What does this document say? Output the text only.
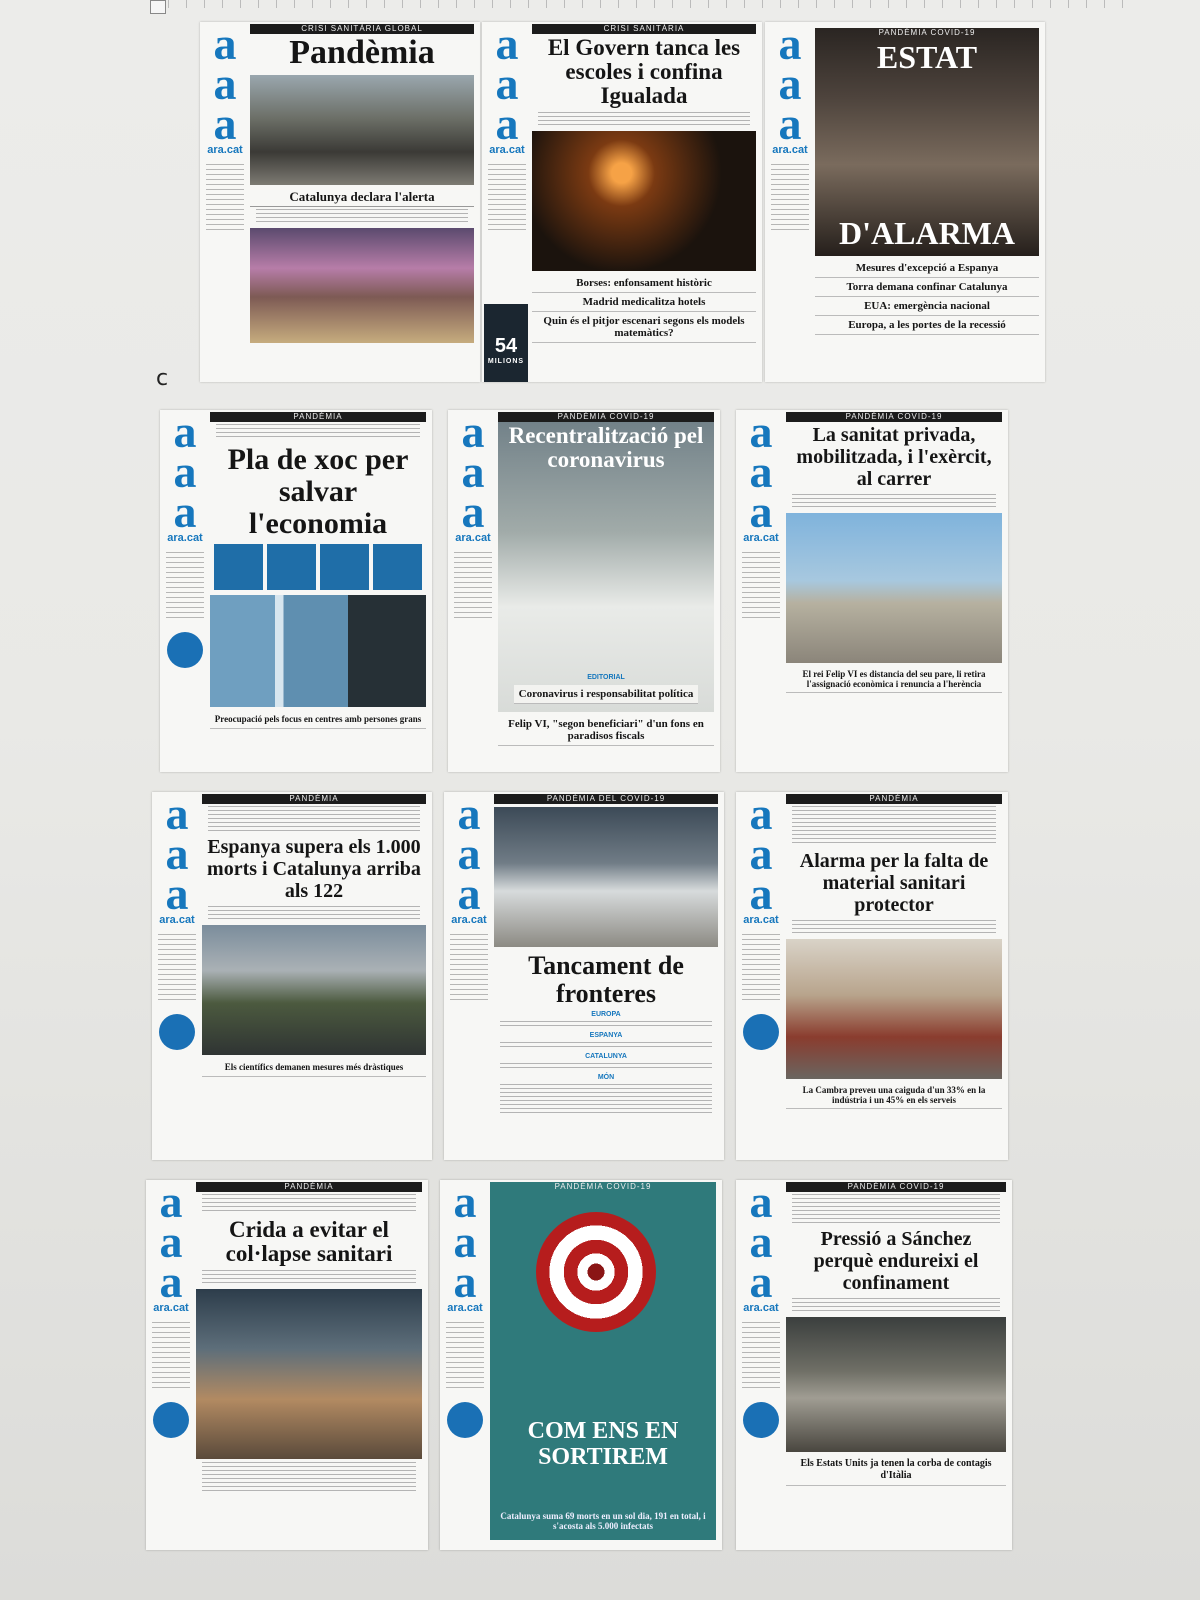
c
a
a
a
ara.cat
CRISI SANITÀRIA GLOBAL
Pandèmia
Catalunya declara l'alerta
a
a
a
ara.cat
54
MILIONS
CRISI SANITÀRIA
El Govern tanca les escoles i confina Igualada
Borses: enfonsament històric
Madrid medicalitza hotels
Quin és el pitjor escenari segons els models matemàtics?
a
a
a
ara.cat
PANDÈMIA COVID-19
ESTAT
D'ALARMA
Mesures d'excepció a Espanya
Torra demana confinar Catalunya
EUA: emergència nacional
Europa, a les portes de la recessió
a
a
a
ara.cat
PANDÈMIA
Pla de xoc per salvar l'economia
Preocupació pels focus en centres amb persones grans
a
a
a
ara.cat
PANDÈMIA COVID-19
Recentralització pel coronavirus
EDITORIAL
Coronavirus i responsabilitat política
Felip VI, "segon beneficiari" d'un fons en paradisos fiscals
a
a
a
ara.cat
PANDÈMIA COVID-19
La sanitat privada, mobilitzada, i l'exèrcit, al carrer
El rei Felip VI es distancia del seu pare, li retira l'assignació econòmica i renuncia a l'herència
a
a
a
ara.cat
PANDÈMIA
Espanya supera els 1.000 morts i Catalunya arriba als 122
Els científics demanen mesures més dràstiques
a
a
a
ara.cat
PANDÈMIA DEL COVID-19
Tancament de fronteres
EUROPA
ESPANYA
CATALUNYA
MÓN
a
a
a
ara.cat
PANDÈMIA
Alarma per la falta de material sanitari protector
La Cambra preveu una caiguda d'un 33% en la indústria i un 45% en els serveis
a
a
a
ara.cat
PANDÈMIA
Crida a evitar el col·lapse sanitari
a
a
a
ara.cat
PANDÈMIA COVID-19
COM ENS EN SORTIREM
Catalunya suma 69 morts en un sol dia, 191 en total, i s'acosta als 5.000 infectats
a
a
a
ara.cat
PANDÈMIA COVID-19
Pressió a Sánchez perquè endureixi el confinament
Els Estats Units ja tenen la corba de contagis d'Itàlia
